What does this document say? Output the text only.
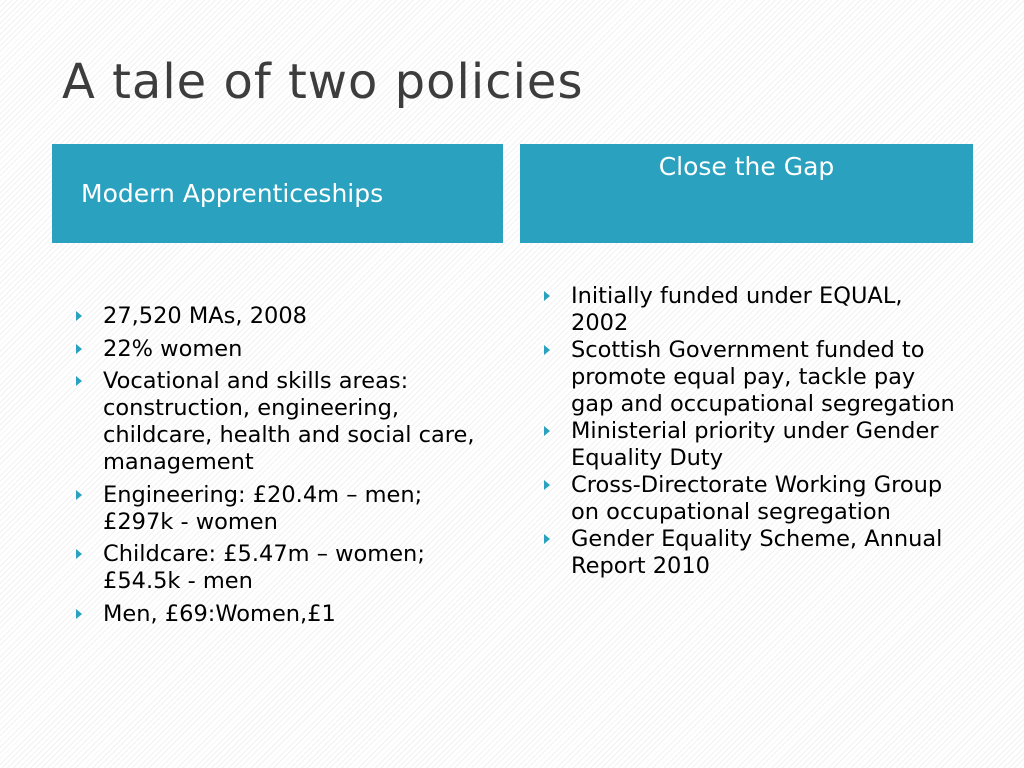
A tale of two policies
Modern Apprenticeships
Close the Gap
27,520 MAs, 2008
22% women
Vocational and skills areas: construction, engineering, childcare, health and social care, management
Engineering: £20.4m – men; £297k - women
Childcare: £5.47m – women; £54.5k - men
Men, £69:Women,£1
Initially funded under EQUAL, 2002
Scottish Government funded to promote equal pay, tackle pay gap and occupational segregation
Ministerial priority under Gender Equality Duty
Cross-Directorate Working Group on occupational segregation
Gender Equality Scheme, Annual Report 2010
